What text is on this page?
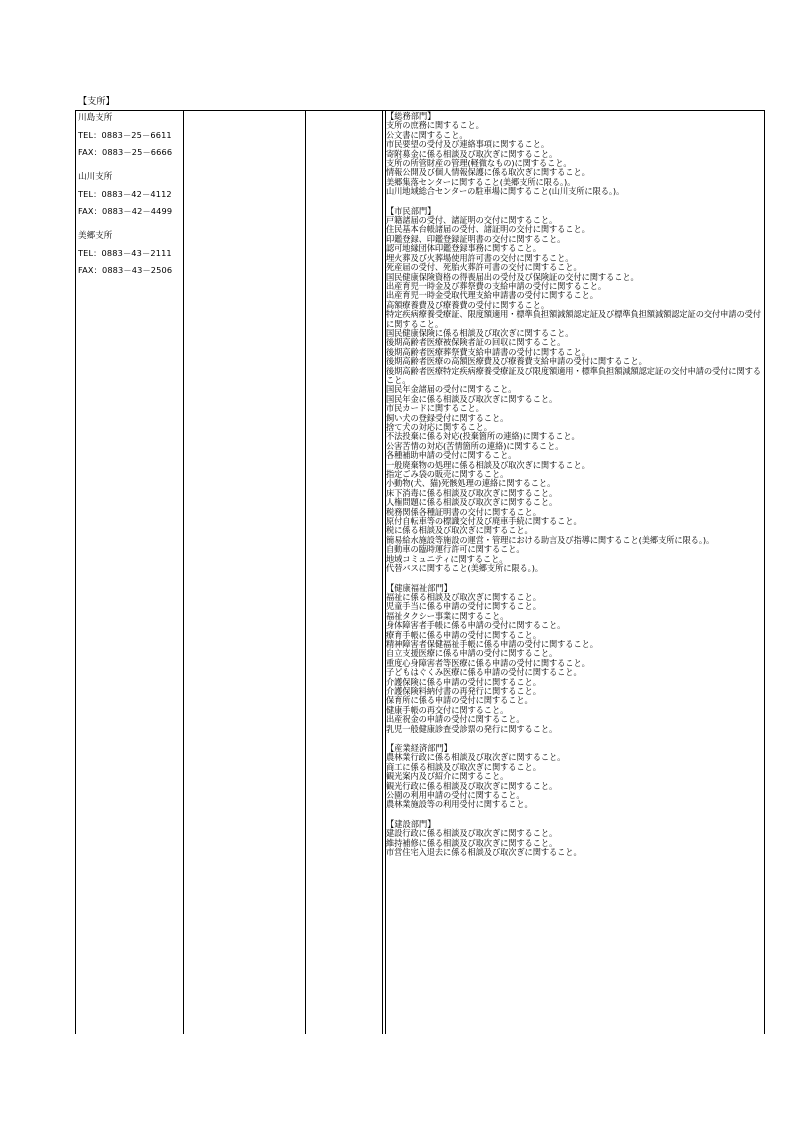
【支所】
川島支所
TEL：0883－25－6611
FAX：0883－25－6666
山川支所
TEL：0883－42－4112
FAX：0883－42－4499
美郷支所
TEL：0883－43－2111
FAX：0883－43－2506
【総務部門】
支所の庶務に関すること。
公文書に関すること。
市民要望の受付及び連絡事項に関すること。
寄附募金に係る相談及び取次ぎに関すること。
支所の所管財産の管理(軽微なもの)に関すること。
情報公開及び個人情報保護に係る取次ぎに関すること。
美郷集落センターに関すること(美郷支所に限る。)。
山川地域総合センターの駐車場に関すること(山川支所に限る。)。
【市民部門】
戸籍諸届の受付、諸証明の交付に関すること。
住民基本台帳諸届の受付、諸証明の交付に関すること。
印鑑登録、印鑑登録証明書の交付に関すること。
認可地縁団体印鑑登録事務に関すること。
埋火葬及び火葬場使用許可書の交付に関すること。
死産届の受付、死胎火葬許可書の交付に関すること。
国民健康保険資格の得喪届出の受付及び保険証の交付に関すること。
出産育児一時金及び葬祭費の支給申請の受付に関すること。
出産育児一時金受取代理支給申請書の受付に関すること。
高額療養費及び療養費の受付に関すること。
特定疾病療養受療証、限度額適用・標準負担額減額認定証及び標準負担額減額認定証の交付申請の受付に関すること。
国民健康保険に係る相談及び取次ぎに関すること。
後期高齢者医療被保険者証の回収に関すること。
後期高齢者医療葬祭費支給申請書の受付に関すること。
後期高齢者医療の高額医療費及び療養費支給申請の受付に関すること。
後期高齢者医療特定疾病療養受療証及び限度額適用・標準負担額減額認定証の交付申請の受付に関すること。
国民年金諸届の受付に関すること。
国民年金に係る相談及び取次ぎに関すること。
市民カードに関すること。
飼い犬の登録受付に関すること。
捨て犬の対応に関すること。
不法投棄に係る対応(投棄箇所の連絡)に関すること。
公害苦情の対応(苦情箇所の連絡)に関すること。
各種補助申請の受付に関すること。
一般廃棄物の処理に係る相談及び取次ぎに関すること。
指定ごみ袋の販売に関すること。
小動物(犬、猫)死骸処理の連絡に関すること。
床下消毒に係る相談及び取次ぎに関すること。
人権問題に係る相談及び取次ぎに関すること。
税務関係各種証明書の交付に関すること。
原付自転車等の標識交付及び廃車手続に関すること。
税に係る相談及び取次ぎに関すること。
簡易給水施設等施設の運営・管理における助言及び指導に関すること(美郷支所に限る。)。
自動車の臨時運行許可に関すること。
地域コミュニティに関すること。
代替バスに関すること(美郷支所に限る。)。
【健康福祉部門】
福祉に係る相談及び取次ぎに関すること。
児童手当に係る申請の受付に関すること。
福祉タクシー事業に関すること。
身体障害者手帳に係る申請の受付に関すること。
療育手帳に係る申請の受付に関すること。
精神障害者保健福祉手帳に係る申請の受付に関すること。
自立支援医療に係る申請の受付に関すること。
重度心身障害者等医療に係る申請の受付に関すること。
子どもはぐくみ医療に係る申請の受付に関すること。
介護保険に係る申請の受付に関すること。
介護保険料納付書の再発行に関すること。
保育所に係る申請の受付に関すること。
健康手帳の再交付に関すること。
出産祝金の申請の受付に関すること。
乳児一般健康診査受診票の発行に関すること。
【産業経済部門】
農林業行政に係る相談及び取次ぎに関すること。
商工に係る相談及び取次ぎに関すること。
観光案内及び紹介に関すること。
観光行政に係る相談及び取次ぎに関すること。
公園の利用申請の受付に関すること。
農林業施設等の利用受付に関すること。
【建設部門】
建設行政に係る相談及び取次ぎに関すること。
維持補修に係る相談及び取次ぎに関すること。
市営住宅入退去に係る相談及び取次ぎに関すること。
